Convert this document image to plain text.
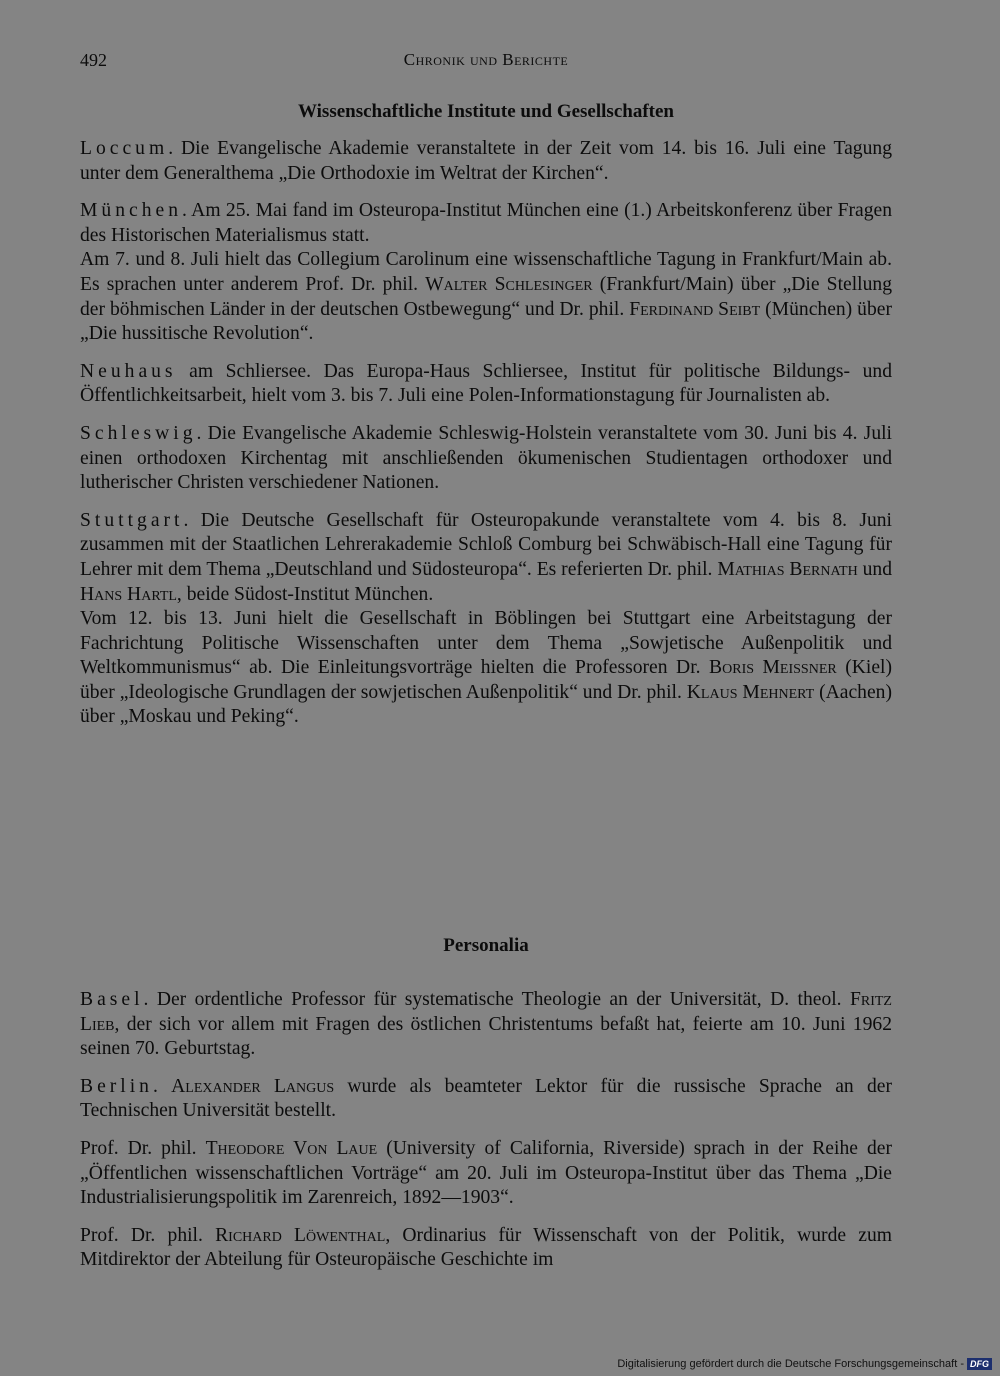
492	Chronik und Berichte
Wissenschaftliche Institute und Gesellschaften

Loccum. Die Evangelische Akademie veranstaltete in der Zeit vom 14. bis 16. Juli eine Tagung unter dem Generalthema „Die Orthodoxie im Weltrat der Kirchen“.

München. Am 25. Mai fand im Osteuropa-Institut München eine (1.) Arbeitskonferenz über Fragen des Historischen Materialismus statt.

Am 7. und 8. Juli hielt das Collegium Carolinum eine wissenschaftliche Tagung in Frankfurt/Main ab. Es sprachen unter anderem Prof. Dr. phil. Walter Schlesinger (Frankfurt/Main) über „Die Stellung der böhmischen Länder in der deutschen Ostbewegung“ und Dr. phil. Ferdinand Seibt (München) über „Die hussitische Revolution“.

Neuhaus am Schliersee. Das Europa-Haus Schliersee, Institut für politische Bildungs- und Öffentlichkeitsarbeit, hielt vom 3. bis 7. Juli eine Polen-Informationstagung für Journalisten ab.

Schleswig. Die Evangelische Akademie Schleswig-Holstein veranstaltete vom 30. Juni bis 4. Juli einen orthodoxen Kirchentag mit anschließenden ökumenischen Studientagen orthodoxer und lutherischer Christen verschiedener Nationen.

Stuttgart. Die Deutsche Gesellschaft für Osteuropakunde veranstaltete vom 4. bis 8. Juni zusammen mit der Staatlichen Lehrerakademie Schloß Comburg bei Schwäbisch-Hall eine Tagung für Lehrer mit dem Thema „Deutschland und Südosteuropa“. Es referierten Dr. phil. Mathias Bernath und Hans Hartl, beide Südost-Institut München.

Vom 12. bis 13. Juni hielt die Gesellschaft in Böblingen bei Stuttgart eine Arbeitstagung der Fachrichtung Politische Wissenschaften unter dem Thema „Sowjetische Außenpolitik und Weltkommunismus“ ab. Die Einleitungsvorträge hielten die Professoren Dr. Boris Meissner (Kiel) über „Ideologische Grundlagen der sowjetischen Außenpolitik“ und Dr. phil. Klaus Mehnert (Aachen) über „Moskau und Peking“.

Personalia

Basel. Der ordentliche Professor für systematische Theologie an der Universität, D. theol. Fritz Lieb, der sich vor allem mit Fragen des östlichen Christentums befaßt hat, feierte am 10. Juni 1962 seinen 70. Geburtstag.

Berlin. Alexander Langus wurde als beamteter Lektor für die russische Sprache an der Technischen Universität bestellt.

Prof. Dr. phil. Theodore Von Laue (University of California, Riverside) sprach in der Reihe der „Öffentlichen wissenschaftlichen Vorträge“ am 20. Juli im Osteuropa-Institut über das Thema „Die Industrialisierungspolitik im Zarenreich, 1892—1903“.

Prof. Dr. phil. Richard Löwenthal, Ordinarius für Wissenschaft von der Politik, wurde zum Mitdirektor der Abteilung für Osteuropäische Geschichte im

Digitalisierung gefördert durch die Deutsche Forschungsgemeinschaft - DFG
